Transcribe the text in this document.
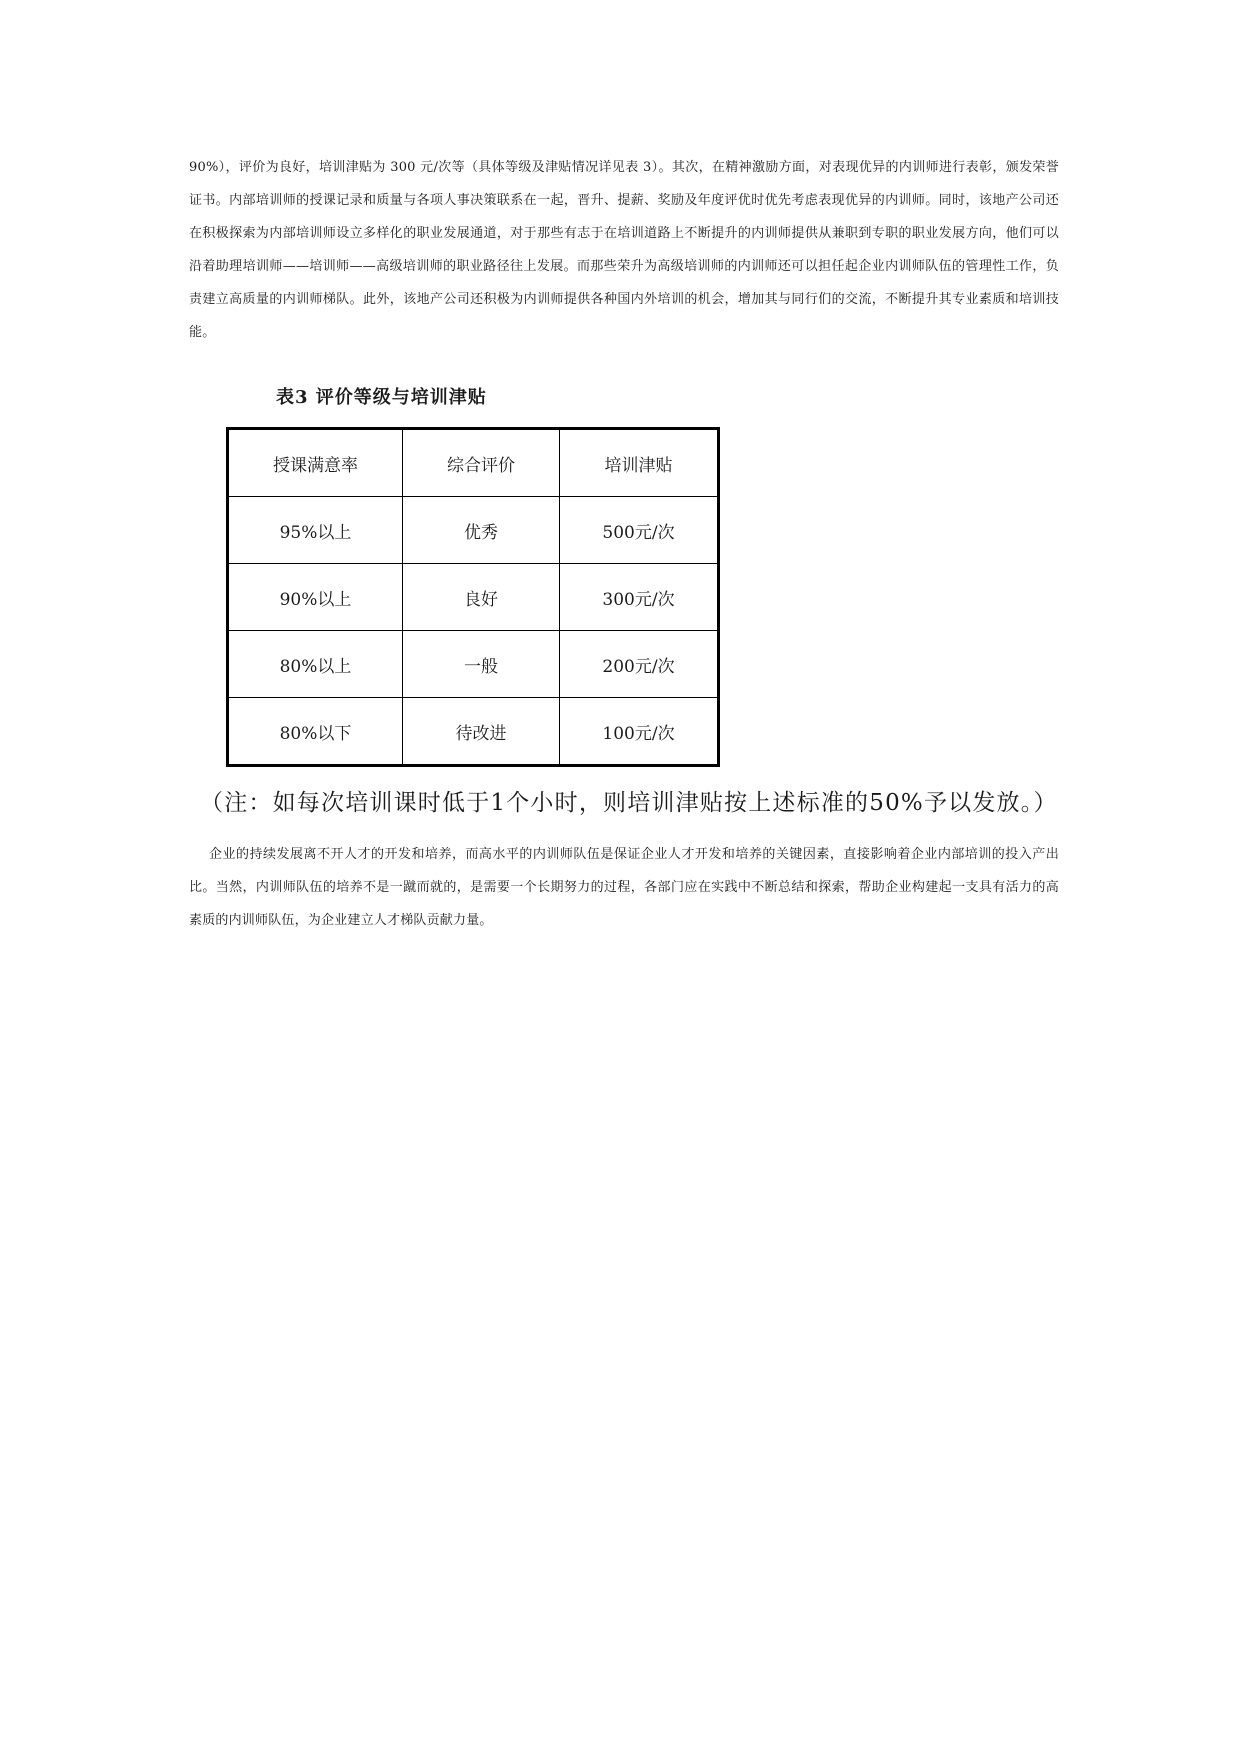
90%），评价为良好，培训津贴为 300 元/次等（具体等级及津贴情况详见表 3）。其次，在精神激励方面，对表现优异的内训师进行表彰，颁发荣誉证书。内部培训师的授课记录和质量与各项人事决策联系在一起，晋升、提薪、奖励及年度评优时优先考虑表现优异的内训师。同时，该地产公司还在积极探索为内部培训师设立多样化的职业发展通道，对于那些有志于在培训道路上不断提升的内训师提供从兼职到专职的职业发展方向，他们可以沿着助理培训师——培训师——高级培训师的职业路径往上发展。而那些荣升为高级培训师的内训师还可以担任起企业内训师队伍的管理性工作，负责建立高质量的内训师梯队。此外，该地产公司还积极为内训师提供各种国内外培训的机会，增加其与同行们的交流，不断提升其专业素质和培训技能。

表3 评价等级与培训津贴

授课满意率	综合评价	培训津贴
95%以上	优秀	500元/次
90%以上	良好	300元/次
80%以上	一般	200元/次
80%以下	待改进	100元/次

（注：如每次培训课时低于1个小时，则培训津贴按上述标准的50%予以发放。）

企业的持续发展离不开人才的开发和培养，而高水平的内训师队伍是保证企业人才开发和培养的关键因素，直接影响着企业内部培训的投入产出比。当然，内训师队伍的培养不是一蹴而就的，是需要一个长期努力的过程，各部门应在实践中不断总结和探索，帮助企业构建起一支具有活力的高素质的内训师队伍，为企业建立人才梯队贡献力量。
